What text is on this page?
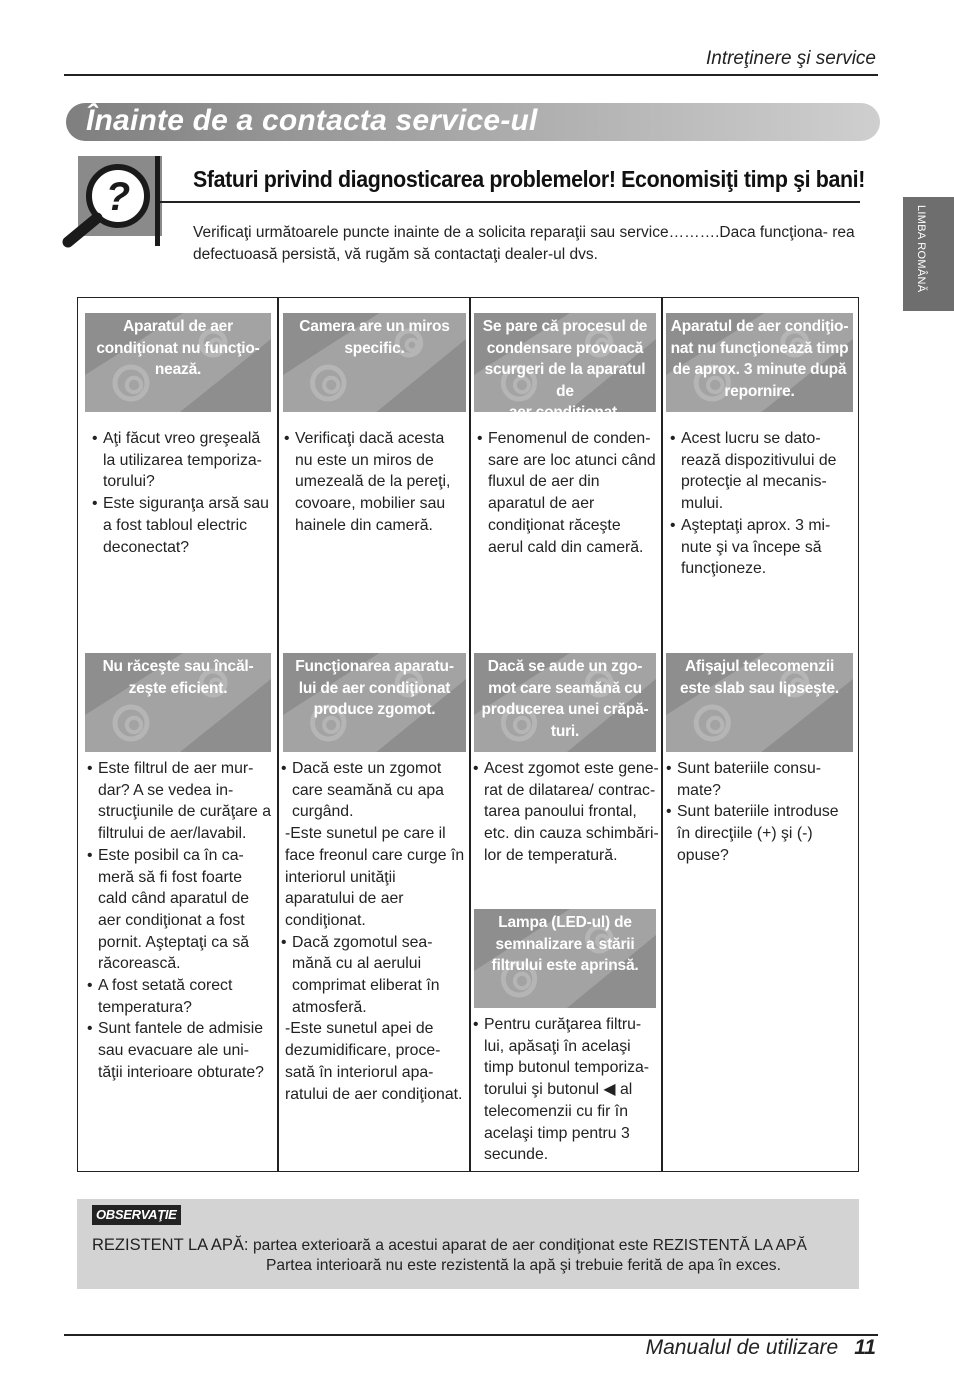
Intreţinere şi service
Înainte de a contacta service-ul
?	Sfaturi privind diagnosticarea problemelor! Economisiţi timp şi bani!
Verificaţi următoarele puncte inainte de a solicita reparaţii sau service……….Daca funcţiona- rea defectuoasă persistă, vă rugăm să contactaţi dealer-ul dvs.	LIMBA ROMÂNĂ
Aparatul de aer
condiţionat nu funcţio-
nează.
• Aţi făcut vreo greşeală la utilizarea temporiza- torului?
• Este siguranţa arsă sau a fost tabloul electric deconectat?
Camera are un miros
specific.
• Verificaţi dacă acesta nu este un miros de umezeală de la pereţi, covoare, mobilier sau hainele din cameră.
Se pare că procesul de
condensare provoacă
scurgeri de la aparatul de
aer condiţionat.
• Fenomenul de conden- sare are loc atunci când fluxul de aer din aparatul de aer condiţionat răceşte aerul cald din cameră.
Aparatul de aer condiţio-
nat nu funcţionează timp
de aprox. 3 minute după
repornire.
• Acest lucru se dato- rează dispozitivului de protecţie al mecanis- mului.
• Aşteptaţi aprox. 3 mi- nute şi va începe să funcţioneze.
Nu răceşte sau încăl-
zeşte eficient.
• Este filtrul de aer mur- dar? A se vedea in- strucţiunile de curăţare a filtrului de aer/lavabil.
• Este posibil ca în ca- meră să fi fost foarte cald când aparatul de aer condiţionat a fost pornit. Aşteptaţi ca să răcorească.
• A fost setată corect temperatura?
• Sunt fantele de admisie sau evacuare ale uni- tăţii interioare obturate?
Funcţionarea aparatu-
lui de aer condiţionat
produce zgomot.
• Dacă este un zgomot care seamănă cu apa curgând.
-Este sunetul pe care il face freonul care curge în interiorul unităţii aparatului de aer condiţionat.
• Dacă zgomotul sea- mănă cu al aerului comprimat eliberat în atmosferă.
-Este sunetul apei de dezumidificare, proce- sată în interiorul apa- ratului de aer condiţionat.
Dacă se aude un zgo-
mot care seamănă cu
producerea unei crăpă-
turi.
• Acest zgomot este gene- rat de dilatarea/ contrac- tarea panoului frontal, etc. din cauza schimbări- lor de temperatură.
Afişajul telecomenzii
este slab sau lipseşte.
• Sunt bateriile consu- mate?
• Sunt bateriile introduse în direcţiile (+) şi (-) opuse?
Lampa (LED-ul) de
semnalizare a stării
filtrului este aprinsă.
• Pentru curăţarea filtru- lui, apăsaţi în acelaşi timp butonul temporiza- torului şi butonul ◀ al telecomenzii cu fir în acelaşi timp pentru 3 secunde.
OBSERVAŢIE
REZISTENT LA APĂ: partea exterioară a acestui aparat de aer condiţionat este REZISTENTĂ LA APĂ
Partea interioară nu este rezistentă la apă şi trebuie ferită de apa în exces.
Manualul de utilizare 11
